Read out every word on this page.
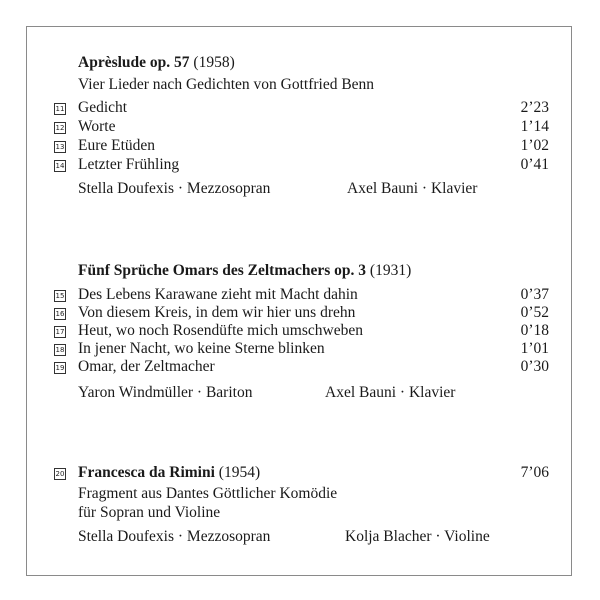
Aprèslude op. 57 (1958)
Vier Lieder nach Gedichten von Gottfried Benn
11 Gedicht	2’23
12 Worte	1’14
13 Eure Etüden	1’02
14 Letzter Frühling	0’41
Stella Doufexis · Mezzosopran	Axel Bauni · Klavier
Fünf Sprüche Omars des Zeltmachers op. 3 (1931)
15 Des Lebens Karawane zieht mit Macht dahin	0’37
16 Von diesem Kreis, in dem wir hier uns drehn	0’52
17 Heut, wo noch Rosendüfte mich umschweben	0’18
18 In jener Nacht, wo keine Sterne blinken	1’01
19 Omar, der Zeltmacher	0’30
Yaron Windmüller · Bariton	Axel Bauni · Klavier
20 Francesca da Rimini (1954)	7’06
Fragment aus Dantes Göttlicher Komödie
für Sopran und Violine
Stella Doufexis · Mezzosopran	Kolja Blacher · Violine
